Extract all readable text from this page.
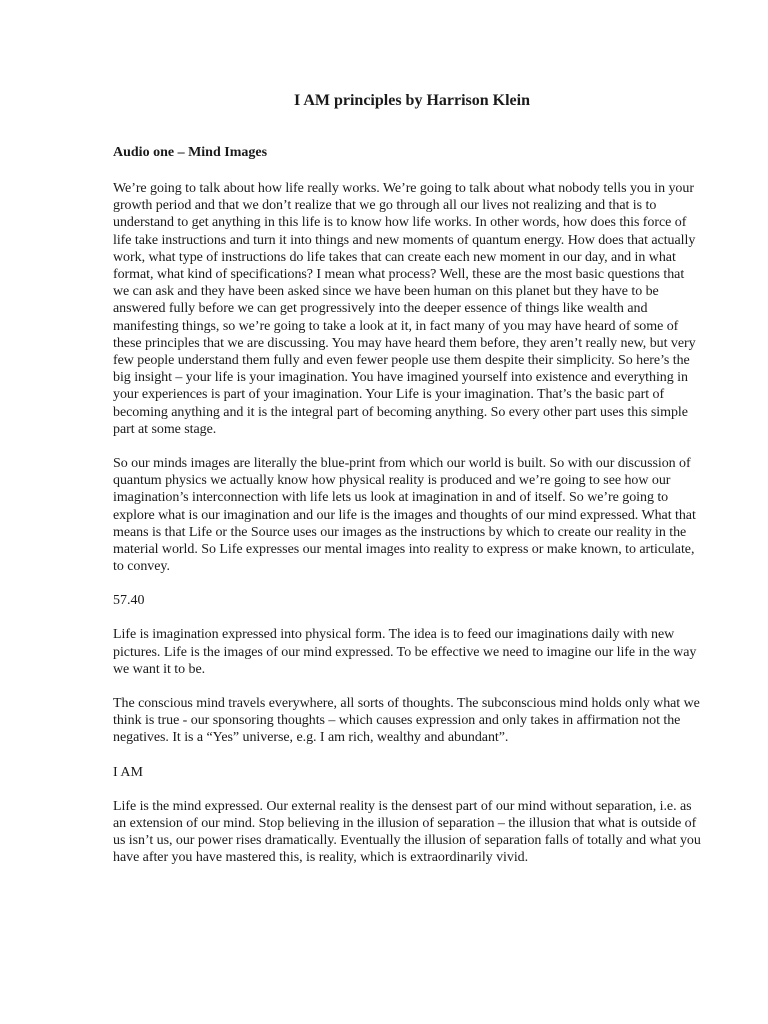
I AM principles by Harrison Klein
Audio one – Mind Images

We’re going to talk about how life really works. We’re going to talk about what nobody tells you in your growth period and that we don’t realize that we go through all our lives not realizing and that is to understand to get anything in this life is to know how life works. In other words, how does this force of life take instructions and turn it into things and new moments of quantum energy. How does that actually work, what type of instructions do life takes that can create each new moment in our day, and in what format, what kind of specifications? I mean what process? Well, these are the most basic questions that we can ask and they have been asked since we have been human on this planet but they have to be answered fully before we can get progressively into the deeper essence of things like wealth and manifesting things, so we’re going to take a look at it, in fact many of you may have heard of some of these principles that we are discussing. You may have heard them before, they aren’t really new, but very few people understand them fully and even fewer people use them despite their simplicity. So here’s the big insight – your life is your imagination. You have imagined yourself into existence and everything in your experiences is part of your imagination. Your Life is your imagination. That’s the basic part of becoming anything and it is the integral part of becoming anything. So every other part uses this simple part at some stage.

So our minds images are literally the blue-print from which our world is built. So with our discussion of quantum physics we actually know how physical reality is produced and we’re going to see how our imagination’s interconnection with life lets us look at imagination in and of itself. So we’re going to explore what is our imagination and our life is the images and thoughts of our mind expressed. What that means is that Life or the Source uses our images as the instructions by which to create our reality in the material world. So Life expresses our mental images into reality to express or make known, to articulate, to convey.

57.40

Life is imagination expressed into physical form. The idea is to feed our imaginations daily with new pictures. Life is the images of our mind expressed. To be effective we need to imagine our life in the way we want it to be.

The conscious mind travels everywhere, all sorts of thoughts. The subconscious mind holds only what we think is true - our sponsoring thoughts – which causes expression and only takes in affirmation not the negatives. It is a “Yes” universe, e.g. I am rich, wealthy and abundant”.

I AM

Life is the mind expressed. Our external reality is the densest part of our mind without separation, i.e. as an extension of our mind. Stop believing in the illusion of separation – the illusion that what is outside of us isn’t us, our power rises dramatically. Eventually the illusion of separation falls of totally and what you have after you have mastered this, is reality, which is extraordinarily vivid.
